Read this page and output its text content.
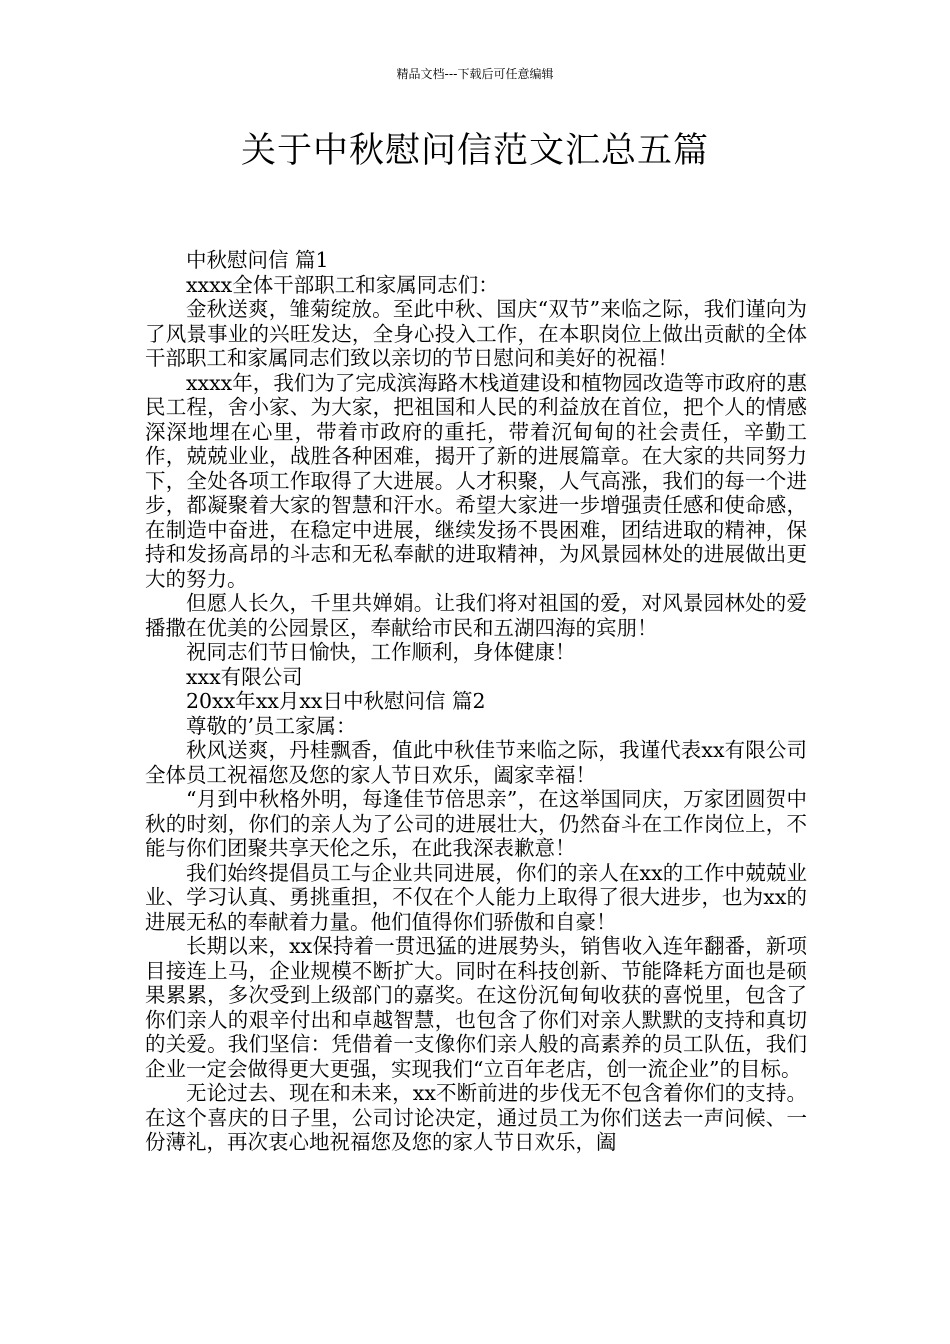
精品文档---下载后可任意编辑
关于中秋慰问信范文汇总五篇

中秋慰问信 篇1

xxxx全体干部职工和家属同志们：

金秋送爽，雏菊绽放。至此中秋、国庆“双节”来临之际，我们谨向为了风景事业的兴旺发达，全身心投入工作，在本职岗位上做出贡献的全体干部职工和家属同志们致以亲切的节日慰问和美好的祝福！

xxxx年，我们为了完成滨海路木栈道建设和植物园改造等市政府的惠民工程，舍小家、为大家，把祖国和人民的利益放在首位，把个人的情感深深地埋在心里，带着市政府的重托，带着沉甸甸的社会责任，辛勤工作，兢兢业业，战胜各种困难，揭开了新的进展篇章。在大家的共同努力下，全处各项工作取得了大进展。人才积聚，人气高涨，我们的每一个进步，都凝聚着大家的智慧和汗水。希望大家进一步增强责任感和使命感，在制造中奋进，在稳定中进展，继续发扬不畏困难，团结进取的精神，保持和发扬高昂的斗志和无私奉献的进取精神，为风景园林处的进展做出更大的努力。

但愿人长久，千里共婵娟。让我们将对祖国的爱，对风景园林处的爱播撒在优美的公园景区，奉献给市民和五湖四海的宾朋！

祝同志们节日愉快，工作顺利，身体健康！

xxx有限公司

20xx年xx月xx日中秋慰问信 篇2

尊敬的’员工家属：

秋风送爽，丹桂飘香，值此中秋佳节来临之际，我谨代表xx有限公司全体员工祝福您及您的家人节日欢乐，阖家幸福！

“月到中秋格外明，每逢佳节倍思亲”，在这举国同庆，万家团圆贺中秋的时刻，你们的亲人为了公司的进展壮大，仍然奋斗在工作岗位上，不能与你们团聚共享天伦之乐，在此我深表歉意！

我们始终提倡员工与企业共同进展，你们的亲人在xx的工作中兢兢业业、学习认真、勇挑重担，不仅在个人能力上取得了很大进步，也为xx的进展无私的奉献着力量。他们值得你们骄傲和自豪！

长期以来，xx保持着一贯迅猛的进展势头，销售收入连年翻番，新项目接连上马，企业规模不断扩大。同时在科技创新、节能降耗方面也是硕果累累，多次受到上级部门的嘉奖。在这份沉甸甸收获的喜悦里，包含了你们亲人的艰辛付出和卓越智慧，也包含了你们对亲人默默的支持和真切的关爱。我们坚信：凭借着一支像你们亲人般的高素养的员工队伍，我们企业一定会做得更大更强，实现我们“立百年老店，创一流企业”的目标。

无论过去、现在和未来，xx不断前进的步伐无不包含着你们的支持。在这个喜庆的日子里，公司讨论决定，通过员工为你们送去一声问候、一份薄礼，再次衷心地祝福您及您的家人节日欢乐，阖
